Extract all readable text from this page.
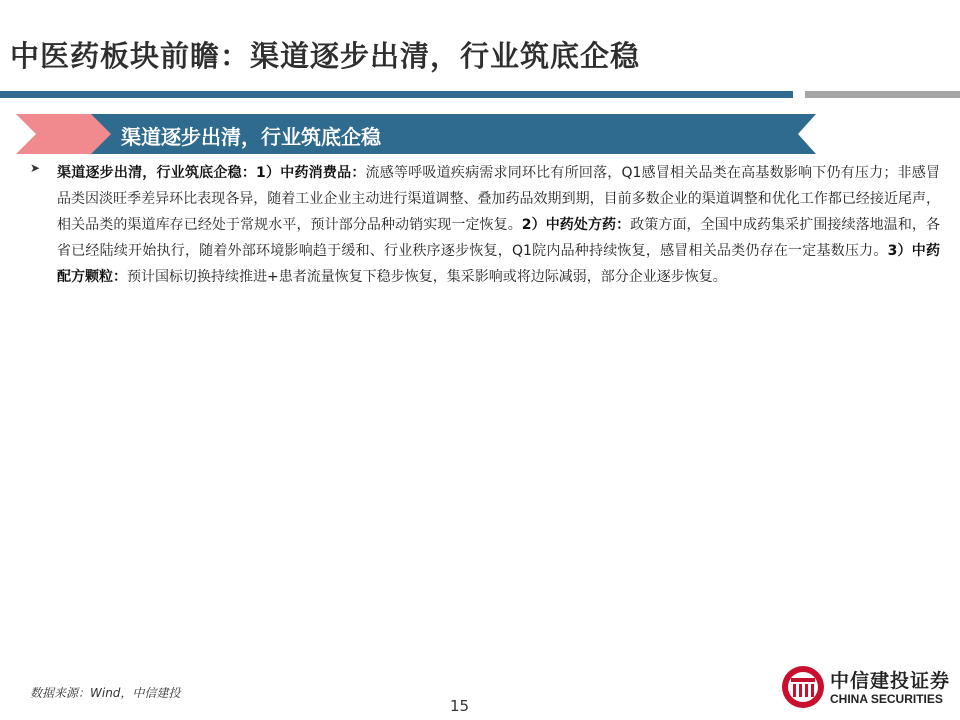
中医药板块前瞻：渠道逐步出清，行业筑底企稳
渠道逐步出清，行业筑底企稳
➤ 渠道逐步出清，行业筑底企稳：1）中药消费品：流感等呼吸道疾病需求同环比有所回落，Q1感冒相关品类在高基数影响下仍有压力；非感冒品类因淡旺季差异环比表现各异，随着工业企业主动进行渠道调整、叠加药品效期到期，目前多数企业的渠道调整和优化工作都已经接近尾声，相关品类的渠道库存已经处于常规水平，预计部分品种动销实现一定恢复。2）中药处方药：政策方面，全国中成药集采扩围接续落地温和，各省已经陆续开始执行，随着外部环境影响趋于缓和、行业秩序逐步恢复，Q1院内品种持续恢复，感冒相关品类仍存在一定基数压力。3）中药配方颗粒：预计国标切换持续推进+患者流量恢复下稳步恢复，集采影响或将边际减弱，部分企业逐步恢复。

数据来源：Wind，中信建投
15
中信建投证券
CHINA SECURITIES
